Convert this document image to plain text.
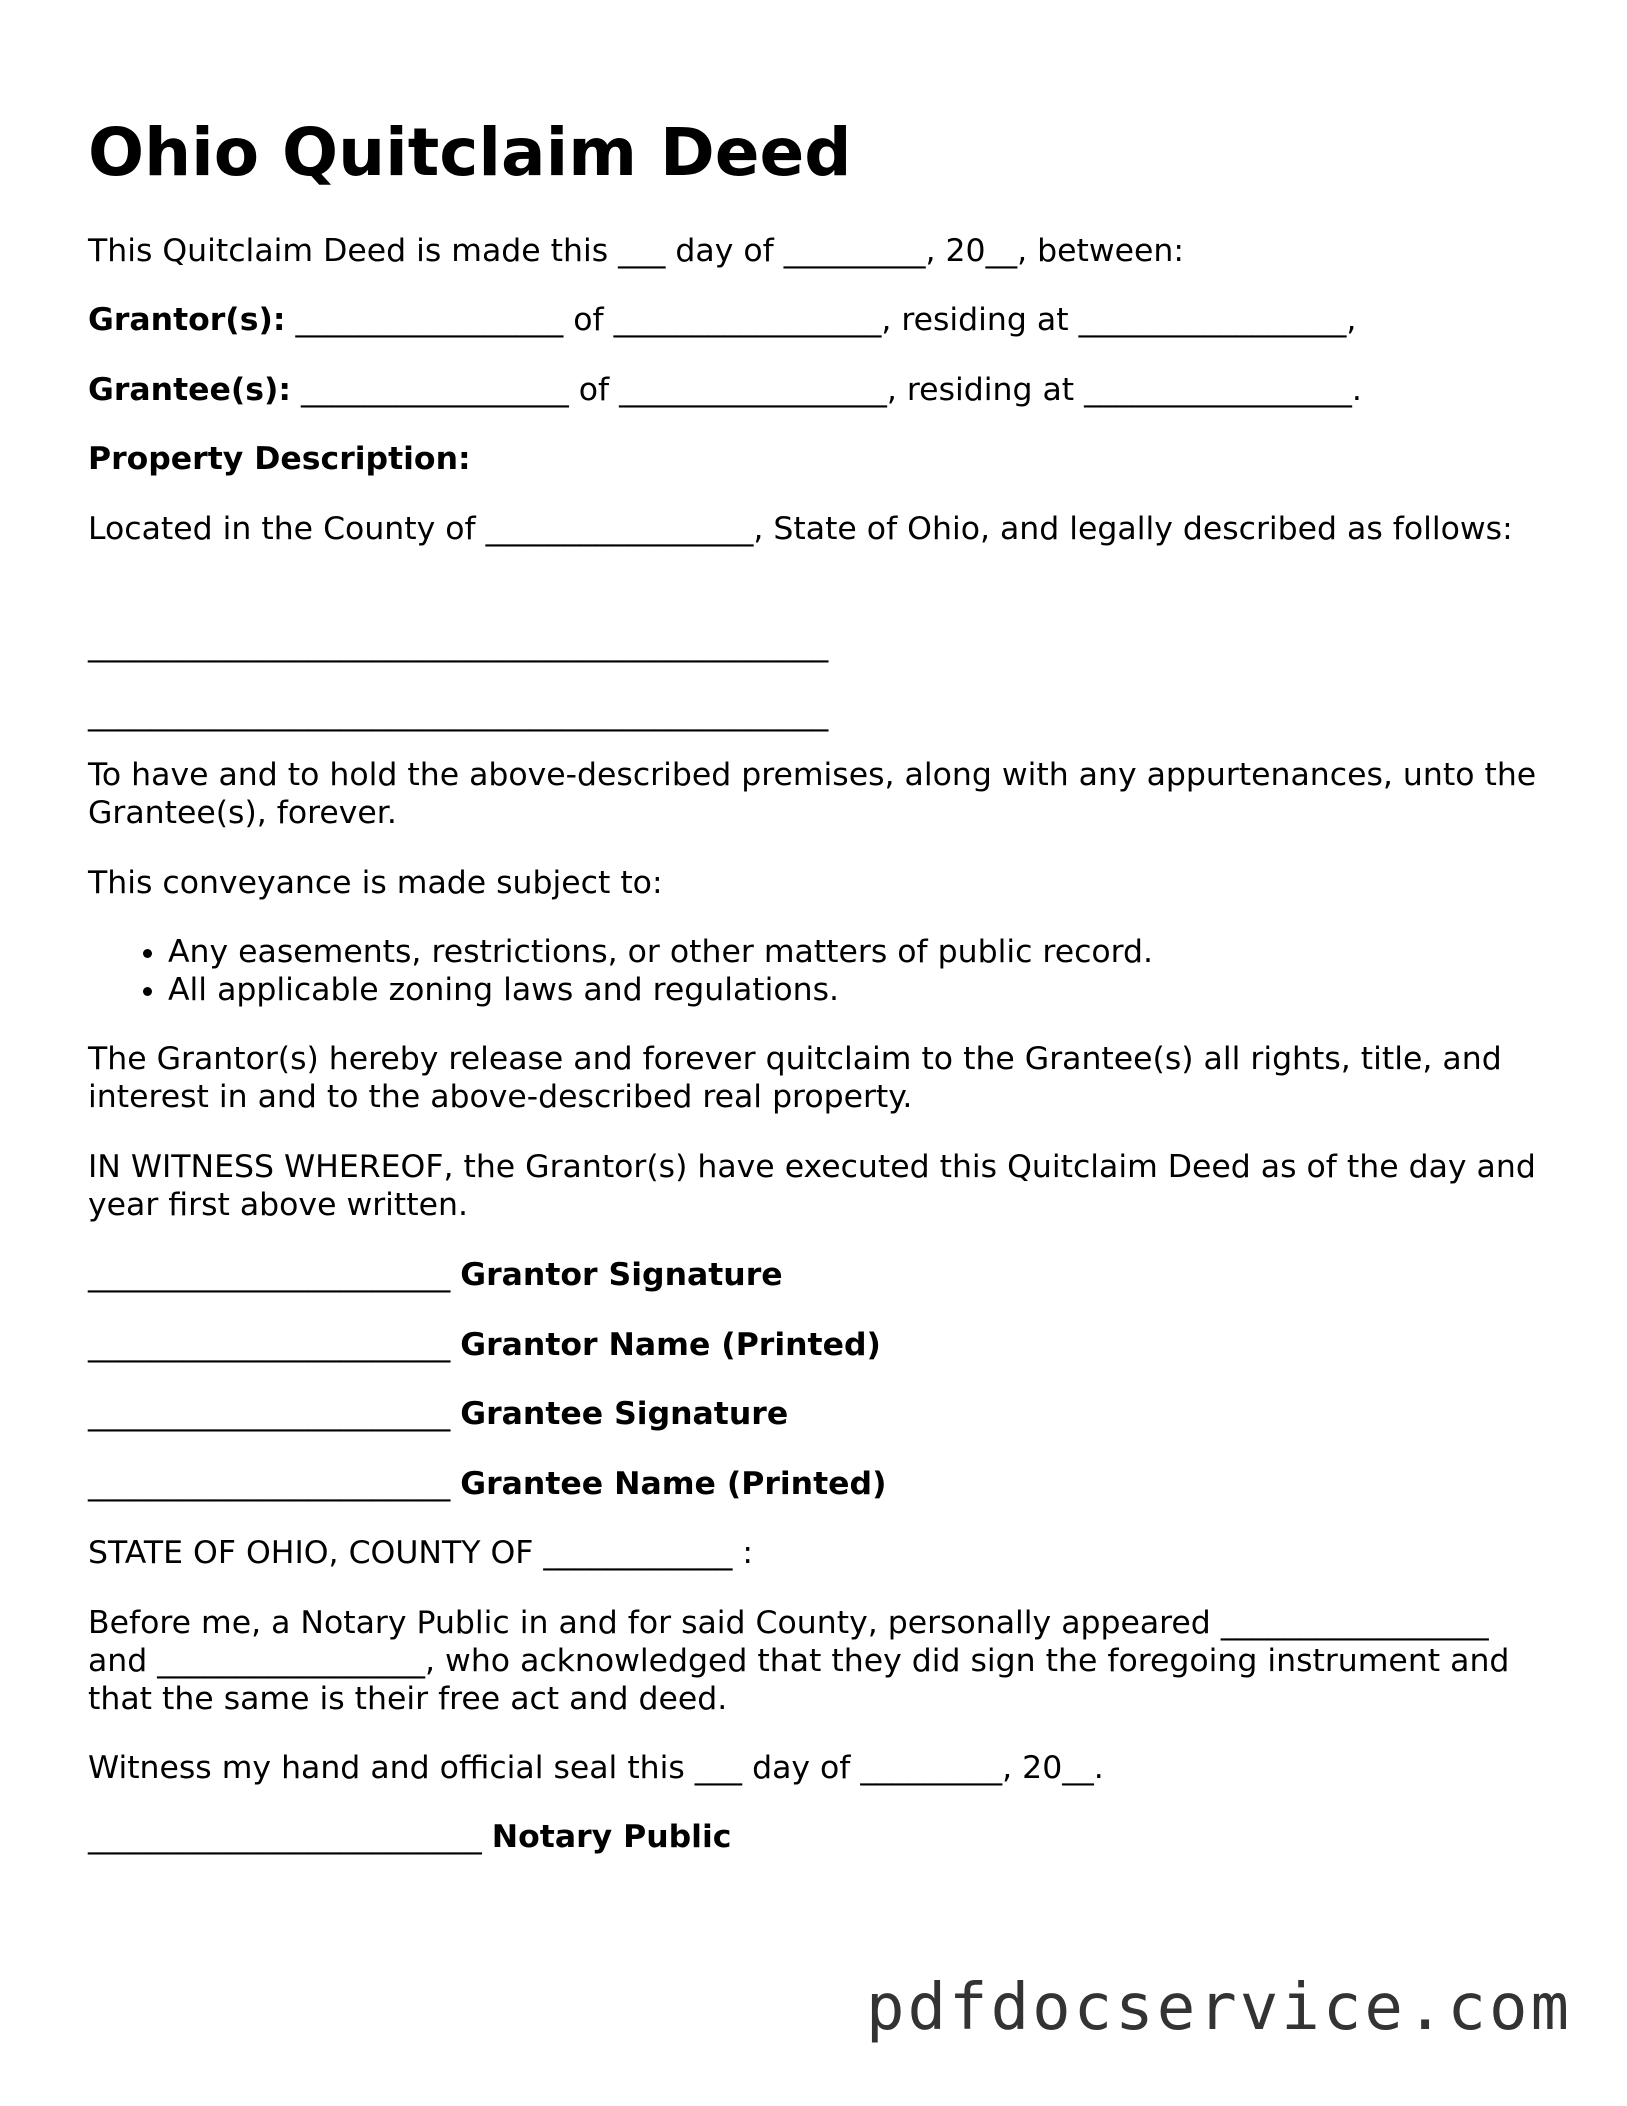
Ohio Quitclaim Deed
This Quitclaim Deed is made this ___ day of _________, 20__, between:
Grantor(s): _________________ of _________________, residing at _________________,
Grantee(s): _________________ of _________________, residing at _________________.
Property Description:
Located in the County of _________________, State of Ohio, and legally described as follows:
_______________________________________________
_______________________________________________
To have and to hold the above-described premises, along with any appurtenances, unto the Grantee(s), forever.
This conveyance is made subject to:
• Any easements, restrictions, or other matters of public record.
• All applicable zoning laws and regulations.
The Grantor(s) hereby release and forever quitclaim to the Grantee(s) all rights, title, and interest in and to the above-described real property.
IN WITNESS WHEREOF, the Grantor(s) have executed this Quitclaim Deed as of the day and year first above written.
_______________________ Grantor Signature
_______________________ Grantor Name (Printed)
_______________________ Grantee Signature
_______________________ Grantee Name (Printed)
STATE OF OHIO, COUNTY OF ____________ :
Before me, a Notary Public in and for said County, personally appeared _________________ and _________________, who acknowledged that they did sign the foregoing instrument and that the same is their free act and deed.
Witness my hand and official seal this ___ day of _________, 20__.
_________________________ Notary Public
pdfdocservice.com
